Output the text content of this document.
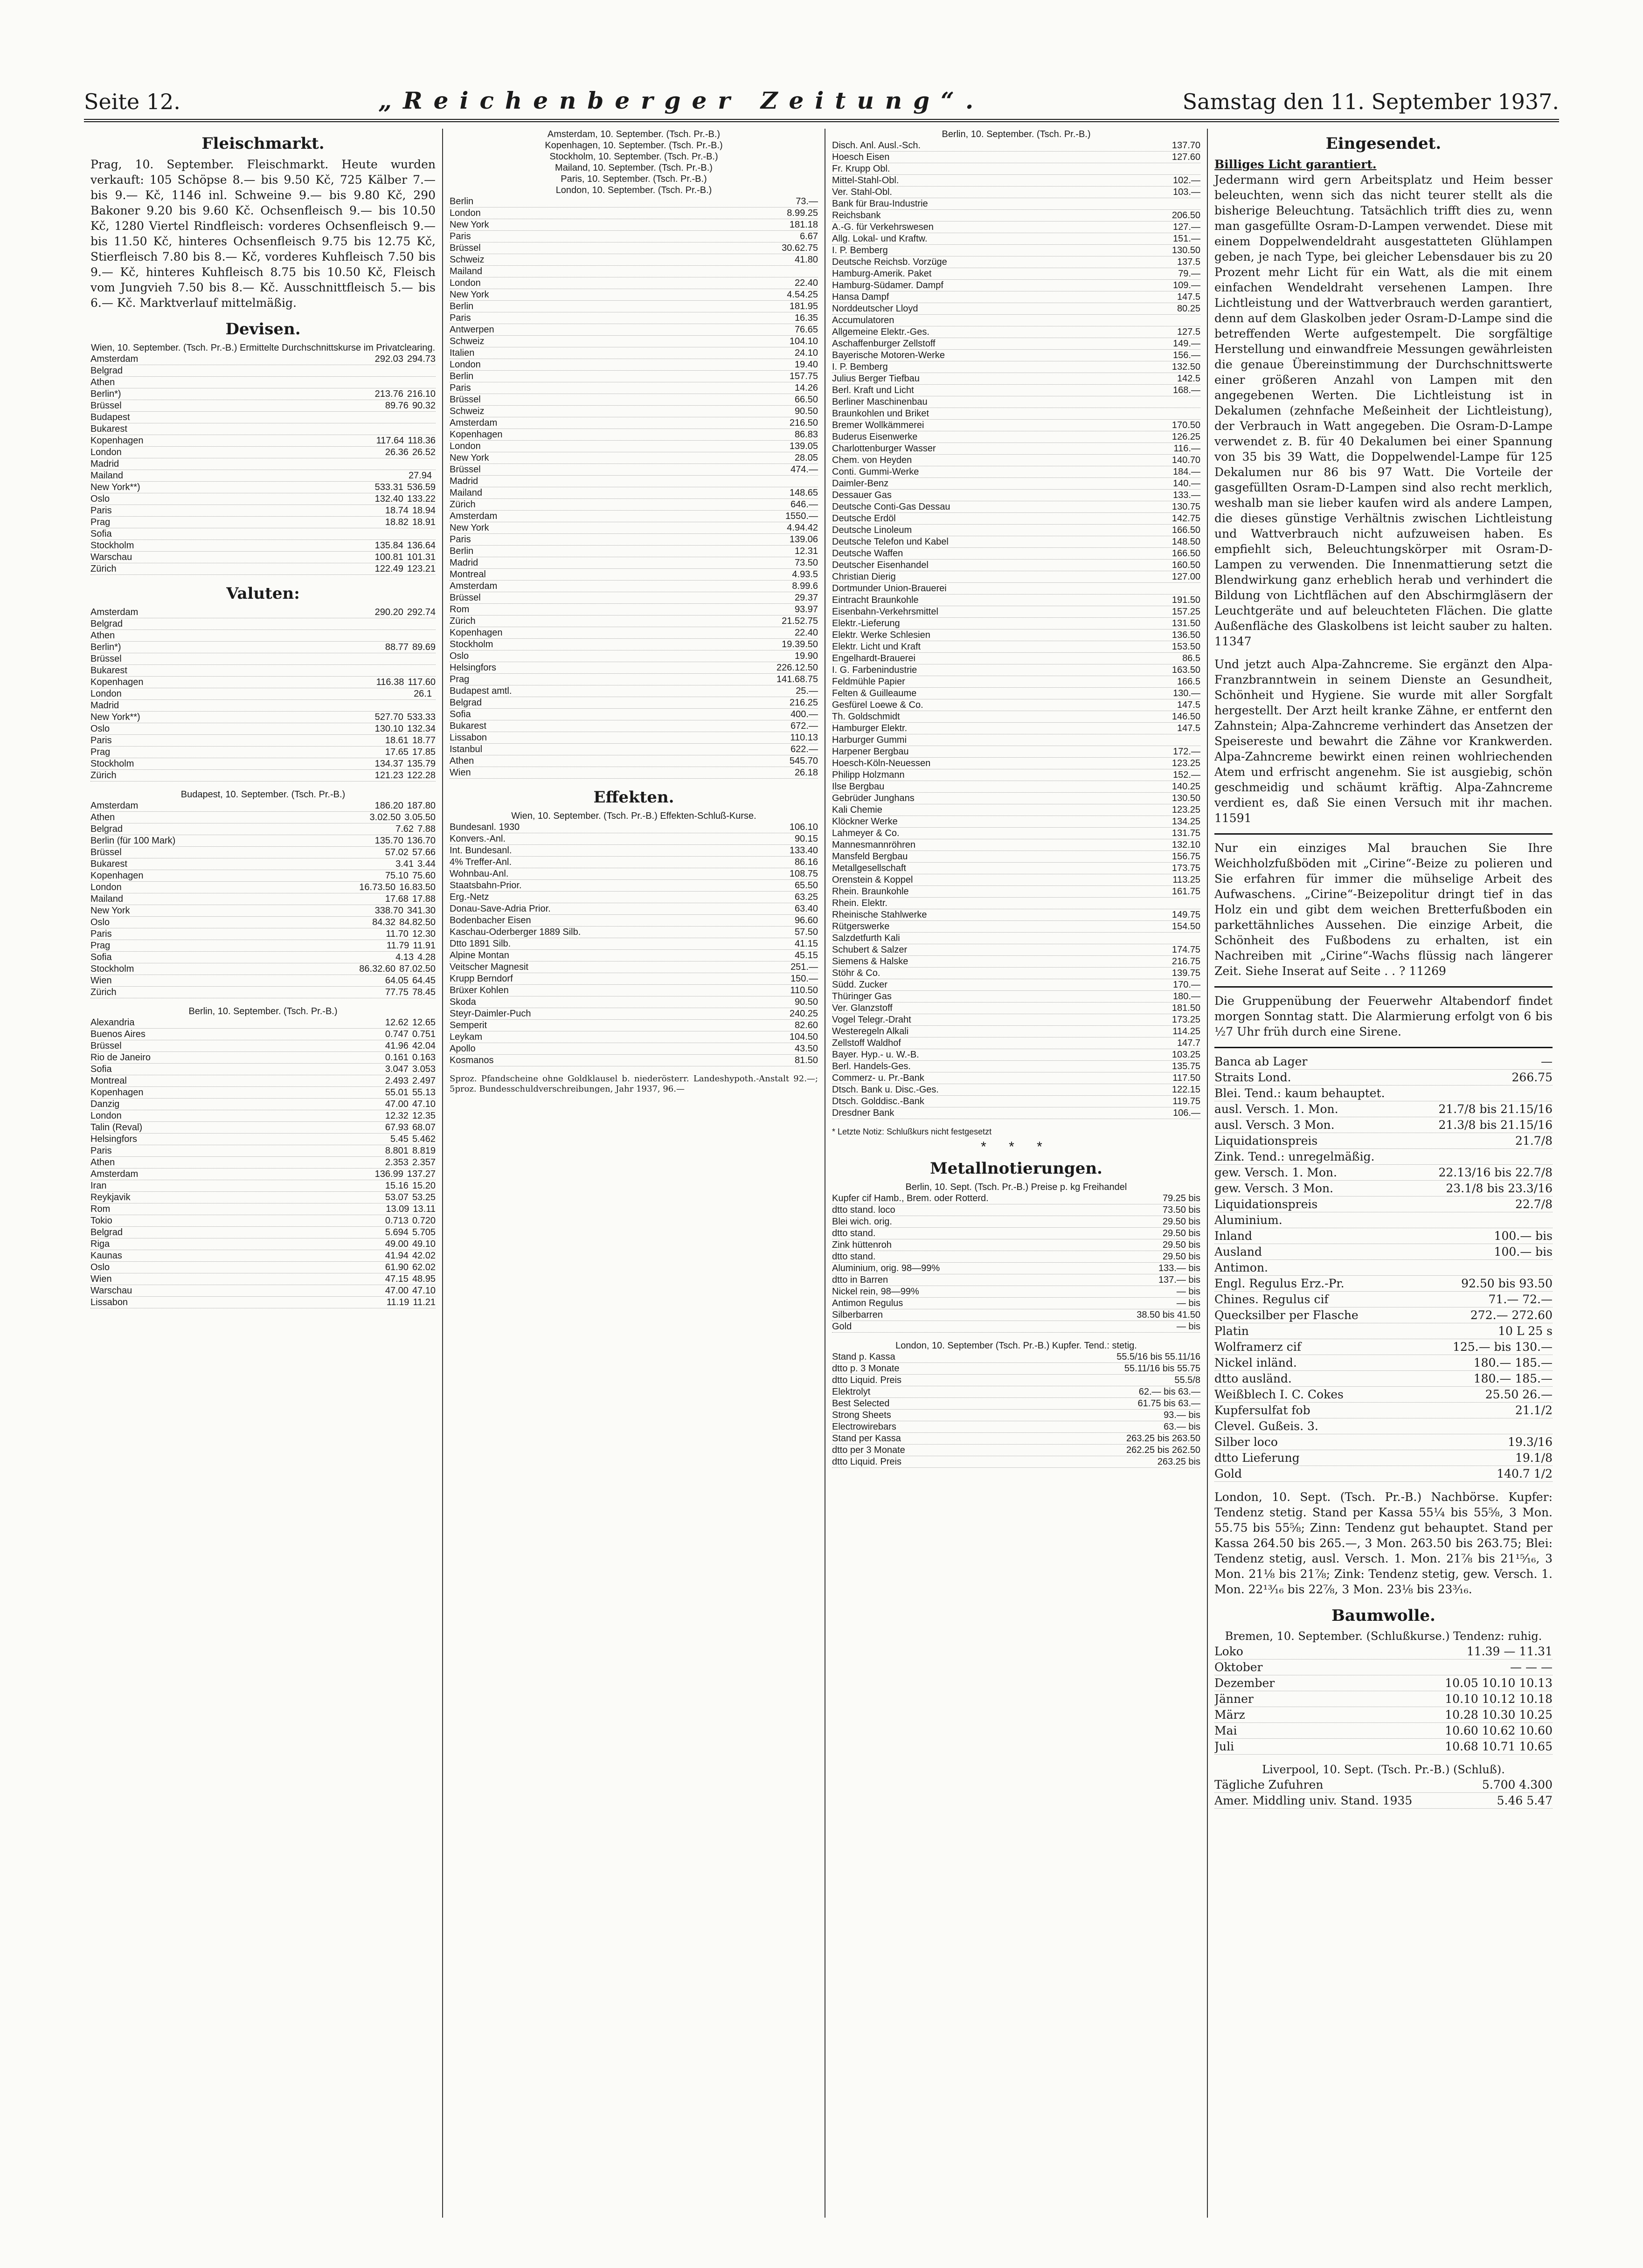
Seite 12.	„Reichenberger Zeitung“.	Samstag den 11. September 1937.
Fleischmarkt.
Prag, 10. September. Fleischmarkt. Heute wurden verkauft: 105 Schöpse 8.— bis 9.50 Kč, 725 Kälber 7.— bis 9.— Kč, 1146 inl. Schweine 9.— bis 9.80 Kč, 290 Bakoner 9.20 bis 9.60 Kč. Ochsenfleisch 9.— bis 10.50 Kč, 1280 Viertel Rindfleisch: vorderes Ochsenfleisch 9.— bis 11.50 Kč, hinteres Ochsenfleisch 9.75 bis 12.75 Kč, Stierfleisch 7.80 bis 8.— Kč, vorderes Kuhfleisch 7.50 bis 9.— Kč, hinteres Kuhfleisch 8.75 bis 10.50 Kč, Fleisch vom Jungvieh 7.50 bis 8.— Kč. Ausschnittfleisch 5.— bis 6.— Kč. Marktverlauf mittelmäßig.
Devisen.
Wien, 10. September. (Tsch. Pr.-B.) Ermittelte Durchschnittskurse im Privatclearing.
Amsterdam	292.03 294.73
Belgrad
Athen
Berlin*)	213.76 216.10
Brüssel	89.76 90.32
Budapest
Bukarest
Kopenhagen	117.64 118.36
London	26.36 26.52
Madrid
Mailand	27.94
New York**)	533.31 536.59
Oslo	132.40 133.22
Paris	18.74 18.94
Prag	18.82 18.91
Sofia
Stockholm	135.84 136.64
Warschau	100.81 101.31
Zürich	122.49 123.21
Valuten:
Amsterdam	290.20 292.74
Belgrad
Athen
Berlin*)	88.77 89.69
Brüssel
Bukarest
Kopenhagen	116.38 117.60
London	26.1
Madrid
New York**)	527.70 533.33
Oslo	130.10 132.34
Paris	18.61 18.77
Prag	17.65 17.85
Stockholm	134.37 135.79
Zürich	121.23 122.28
Budapest, 10. September. (Tsch. Pr.-B.)
Amsterdam	186.20 187.80
Athen	3.02.50 3.05.50
Belgrad	7.62 7.88
Berlin (für 100 Mark)	135.70 136.70
Brüssel	57.02 57.66
Bukarest	3.41 3.44
Kopenhagen	75.10 75.60
London	16.73.50 16.83.50
Mailand	17.68 17.88
New York	338.70 341.30
Oslo	84.32 84.82.50
Paris	11.70 12.30
Prag	11.79 11.91
Sofia	4.13 4.28
Stockholm	86.32.60 87.02.50
Wien	64.05 64.45
Zürich	77.75 78.45
Berlin, 10. September. (Tsch. Pr.-B.)
Alexandria	12.62 12.65
Buenos Aires	0.747 0.751
Brüssel	41.96 42.04
Rio de Janeiro	0.161 0.163
Sofia	3.047 3.053
Montreal	2.493 2.497
Kopenhagen	55.01 55.13
Danzig	47.00 47.10
London	12.32 12.35
Talin (Reval)	67.93 68.07
Helsingfors	5.45 5.462
Paris	8.801 8.819
Athen	2.353 2.357
Amsterdam	136.99 137.27
Iran	15.16 15.20
Reykjavik	53.07 53.25
Rom	13.09 13.11
Tokio	0.713 0.720
Belgrad	5.694 5.705
Riga	49.00 49.10
Kaunas	41.94 42.02
Oslo	61.90 62.02
Wien	47.15 48.95
Warschau	47.00 47.10
Lissabon	11.19 11.21
Amsterdam, 10. September. (Tsch. Pr.-B.)
Kopenhagen, 10. September. (Tsch. Pr.-B.)
Stockholm, 10. September. (Tsch. Pr.-B.)
Mailand, 10. September. (Tsch. Pr.-B.)
Paris, 10. September. (Tsch. Pr.-B.)
London, 10. September. (Tsch. Pr.-B.)
Berlin	73.—
London	8.99.25
New York	181.18
Paris	6.67
Brüssel	30.62.75
Schweiz	41.80
Mailand
London	22.40
New York	4.54.25
Berlin	181.95
Paris	16.35
Antwerpen	76.65
Schweiz	104.10
Italien	24.10
London	19.40
Berlin	157.75
Paris	14.26
Brüssel	66.50
Schweiz	90.50
Amsterdam	216.50
Kopenhagen	86.83
London	139.05
New York	28.05
Brüssel	474.—
Madrid
Mailand	148.65
Zürich	646.—
Amsterdam	1550.—
New York	4.94.42
Paris	139.06
Berlin	12.31
Madrid	73.50
Montreal	4.93.5
Amsterdam	8.99.6
Brüssel	29.37
Rom	93.97
Zürich	21.52.75
Kopenhagen	22.40
Stockholm	19.39.50
Oslo	19.90
Helsingfors	226.12.50
Prag	141.68.75
Budapest amtl.	25.—
Belgrad	216.25
Sofia	400.—
Bukarest	672.—
Lissabon	110.13
Istanbul	622.—
Athen	545.70
Wien	26.18
Effekten.
Wien, 10. September. (Tsch. Pr.-B.) Effekten-Schluß-Kurse.
Bundesanl. 1930	106.10
Konvers.-Anl.	90.15
Int. Bundesanl.	133.40
4% Treffer-Anl.	86.16
Wohnbau-Anl.	108.75
Staatsbahn-Prior.	65.50
Erg.-Netz	63.25
Donau-Save-Adria Prior.	63.40
Bodenbacher Eisen	96.60
Kaschau-Oderberger 1889 Silb.	57.50
Dtto 1891 Silb.	41.15
Alpine Montan	45.15
Veitscher Magnesit	251.—
Krupp Berndorf	150.—
Brüxer Kohlen	110.50
Skoda	90.50
Steyr-Daimler-Puch	240.25
Semperit	82.60
Leykam	104.50
Apollo	43.50
Kosmanos	81.50
Sproz. Pfandscheine ohne Goldklausel b. niederösterr. Landeshypoth.-Anstalt 92.—; 5proz. Bundesschuldverschreibungen, Jahr 1937, 96.—
Berlin, 10. September. (Tsch. Pr.-B.)
Disch. Anl. Ausl.-Sch.	137.70
Hoesch Eisen	127.60
Fr. Krupp Obl.
Mittel-Stahl-Obl.	102.—
Ver. Stahl-Obl.	103.—
Bank für Brau-Industrie
Reichsbank	206.50
A.-G. für Verkehrswesen	127.—
Allg. Lokal- und Kraftw.	151.—
I. P. Bemberg	130.50
Deutsche Reichsb. Vorzüge	137.5
Hamburg-Amerik. Paket	79.—
Hamburg-Südamer. Dampf	109.—
Hansa Dampf	147.5
Norddeutscher Lloyd	80.25
Accumulatoren
Allgemeine Elektr.-Ges.	127.5
Aschaffenburger Zellstoff	149.—
Bayerische Motoren-Werke	156.—
I. P. Bemberg	132.50
Julius Berger Tiefbau	142.5
Berl. Kraft und Licht	168.—
Berliner Maschinenbau
Braunkohlen und Briket
Bremer Wollkämmerei	170.50
Buderus Eisenwerke	126.25
Charlottenburger Wasser	116.—
Chem. von Heyden	140.70
Conti. Gummi-Werke	184.—
Daimler-Benz	140.—
Dessauer Gas	133.—
Deutsche Conti-Gas Dessau	130.75
Deutsche Erdöl	142.75
Deutsche Linoleum	166.50
Deutsche Telefon und Kabel	148.50
Deutsche Waffen	166.50
Deutscher Eisenhandel	160.50
Christian Dierig	127.00
Dortmunder Union-Brauerei
Eintracht Braunkohle	191.50
Eisenbahn-Verkehrsmittel	157.25
Elektr.-Lieferung	131.50
Elektr. Werke Schlesien	136.50
Elektr. Licht und Kraft	153.50
Engelhardt-Brauerei	86.5
I. G. Farbenindustrie	163.50
Feldmühle Papier	166.5
Felten & Guilleaume	130.—
Gesfürel Loewe & Co.	147.5
Th. Goldschmidt	146.50
Hamburger Elektr.	147.5
Harburger Gummi
Harpener Bergbau	172.—
Hoesch-Köln-Neuessen	123.25
Philipp Holzmann	152.—
Ilse Bergbau	140.25
Gebrüder Junghans	130.50
Kali Chemie	123.25
Klöckner Werke	134.25
Lahmeyer & Co.	131.75
Mannesmannröhren	132.10
Mansfeld Bergbau	156.75
Metallgesellschaft	173.75
Orenstein & Koppel	113.25
Rhein. Braunkohle	161.75
Rhein. Elektr.
Rheinische Stahlwerke	149.75
Rütgerswerke	154.50
Salzdetfurth Kali
Schubert & Salzer	174.75
Siemens & Halske	216.75
Stöhr & Co.	139.75
Südd. Zucker	170.—
Thüringer Gas	180.—
Ver. Glanzstoff	181.50
Vogel Telegr.-Draht	173.25
Westeregeln Alkali	114.25
Zellstoff Waldhof	147.7
Bayer. Hyp.- u. W.-B.	103.25
Berl. Handels-Ges.	135.75
Commerz- u. Pr.-Bank	117.50
Dtsch. Bank u. Disc.-Ges.	122.15
Dtsch. Golddisc.-Bank	119.75
Dresdner Bank	106.—
* Letzte Notiz: Schlußkurs nicht festgesetzt
* * *
Metallnotierungen.
Berlin, 10. Sept. (Tsch. Pr.-B.) Preise p. kg Freihandel
Kupfer cif Hamb., Brem. oder Rotterd.	79.25 bis
dtto stand. loco	73.50 bis
Blei wich. orig.	29.50 bis
dtto stand.	29.50 bis
Zink hüttenroh	29.50 bis
dtto stand.	29.50 bis
Aluminium, orig. 98—99%	133.— bis
dtto in Barren	137.— bis
Nickel rein, 98—99%	— bis
Antimon Regulus	— bis
Silberbarren	38.50 bis 41.50
Gold	— bis
London, 10. September (Tsch. Pr.-B.) Kupfer. Tend.: stetig.
Stand p. Kassa	55.5/16 bis 55.11/16
dtto p. 3 Monate	55.11/16 bis 55.75
dtto Liquid. Preis	55.5/8
Elektrolyt	62.— bis 63.—
Best Selected	61.75 bis 63.—
Strong Sheets	93.— bis
Electrowirebars	63.— bis
Stand per Kassa	263.25 bis 263.50
dtto per 3 Monate	262.25 bis 262.50
dtto Liquid. Preis	263.25 bis
Eingesendet.
Billiges Licht garantiert.
Jedermann wird gern Arbeitsplatz und Heim besser beleuchten, wenn sich das nicht teurer stellt als die bisherige Beleuchtung. Tatsächlich trifft dies zu, wenn man gasgefüllte Osram-D-Lampen verwendet. Diese mit einem Doppelwendeldraht ausgestatteten Glühlampen geben, je nach Type, bei gleicher Lebensdauer bis zu 20 Prozent mehr Licht für ein Watt, als die mit einem einfachen Wendeldraht versehenen Lampen. Ihre Lichtleistung und der Wattverbrauch werden garantiert, denn auf dem Glaskolben jeder Osram-D-Lampe sind die betreffenden Werte aufgestempelt. Die sorgfältige Herstellung und einwandfreie Messungen gewährleisten die genaue Übereinstimmung der Durchschnittswerte einer größeren Anzahl von Lampen mit den angegebenen Werten. Die Lichtleistung ist in Dekalumen (zehnfache Meßeinheit der Lichtleistung), der Verbrauch in Watt angegeben. Die Osram-D-Lampe verwendet z. B. für 40 Dekalumen bei einer Spannung von 35 bis 39 Watt, die Doppelwendel-Lampe für 125 Dekalumen nur 86 bis 97 Watt. Die Vorteile der gasgefüllten Osram-D-Lampen sind also recht merklich, weshalb man sie lieber kaufen wird als andere Lampen, die dieses günstige Verhältnis zwischen Lichtleistung und Wattverbrauch nicht aufzuweisen haben. Es empfiehlt sich, Beleuchtungskörper mit Osram-D-Lampen zu verwenden. Die Innenmattierung setzt die Blendwirkung ganz erheblich herab und verhindert die Bildung von Lichtflächen auf den Abschirmgläsern der Leuchtgeräte und auf beleuchteten Flächen. Die glatte Außenfläche des Glaskolbens ist leicht sauber zu halten. 11347
Und jetzt auch Alpa-Zahncreme. Sie ergänzt den Alpa-Franzbranntwein in seinem Dienste an Gesundheit, Schönheit und Hygiene. Sie wurde mit aller Sorgfalt hergestellt. Der Arzt heilt kranke Zähne, er entfernt den Zahnstein; Alpa-Zahncreme verhindert das Ansetzen der Speisereste und bewahrt die Zähne vor Krankwerden. Alpa-Zahncreme bewirkt einen reinen wohlriechenden Atem und erfrischt angenehm. Sie ist ausgiebig, schön geschmeidig und schäumt kräftig. Alpa-Zahncreme verdient es, daß Sie einen Versuch mit ihr machen. 11591
Nur ein einziges Mal brauchen Sie Ihre Weichholzfußböden mit „Cirine“-Beize zu polieren und Sie erfahren für immer die mühselige Arbeit des Aufwaschens. „Cirine“-Beizepolitur dringt tief in das Holz ein und gibt dem weichen Bretterfußboden ein parkettähnliches Aussehen. Die einzige Arbeit, die Schönheit des Fußbodens zu erhalten, ist ein Nachreiben mit „Cirine“-Wachs flüssig nach längerer Zeit. Siehe Inserat auf Seite . . ? 11269
Die Gruppenübung der Feuerwehr Altabendorf findet morgen Sonntag statt. Die Alarmierung erfolgt von 6 bis ½7 Uhr früh durch eine Sirene.
Banca ab Lager	—
Straits Lond.	266.75
Blei. Tend.: kaum behauptet.
ausl. Versch. 1. Mon.	21.7/8 bis 21.15/16
ausl. Versch. 3 Mon.	21.3/8 bis 21.15/16
Liquidationspreis	21.7/8
Zink. Tend.: unregelmäßig.
gew. Versch. 1. Mon.	22.13/16 bis 22.7/8
gew. Versch. 3 Mon.	23.1/8 bis 23.3/16
Liquidationspreis	22.7/8
Aluminium.
Inland	100.— bis
Ausland	100.— bis
Antimon.
Engl. Regulus Erz.-Pr.	92.50 bis 93.50
Chines. Regulus cif	71.— 72.—
Quecksilber per Flasche	272.— 272.60
Platin	10 L 25 s
Wolframerz cif	125.— bis 130.—
Nickel inländ.	180.— 185.—
dtto ausländ.	180.— 185.—
Weißblech I. C. Cokes	25.50 26.—
Kupfersulfat fob	21.1/2
Clevel. Gußeis. 3.
Silber loco	19.3/16
dtto Lieferung	19.1/8
Gold	140.7 1/2
London, 10. Sept. (Tsch. Pr.-B.) Nachbörse. Kupfer: Tendenz stetig. Stand per Kassa 55¼ bis 55⅝, 3 Mon. 55.75 bis 55⅝; Zinn: Tendenz gut behauptet. Stand per Kassa 264.50 bis 265.—, 3 Mon. 263.50 bis 263.75; Blei: Tendenz stetig, ausl. Versch. 1. Mon. 21⅞ bis 21¹⁵⁄₁₆, 3 Mon. 21⅛ bis 21⅞; Zink: Tendenz stetig, gew. Versch. 1. Mon. 22¹³⁄₁₆ bis 22⅞, 3 Mon. 23⅛ bis 23³⁄₁₆.
Baumwolle.
Bremen, 10. September. (Schlußkurse.) Tendenz: ruhig.
Loko	11.39 — 11.31
Oktober	— — —
Dezember	10.05 10.10 10.13
Jänner	10.10 10.12 10.18
März	10.28 10.30 10.25
Mai	10.60 10.62 10.60
Juli	10.68 10.71 10.65
Liverpool, 10. Sept. (Tsch. Pr.-B.) (Schluß).
Tägliche Zufuhren	5.700 4.300
Amer. Middling univ. Stand. 1935	5.46 5.47
